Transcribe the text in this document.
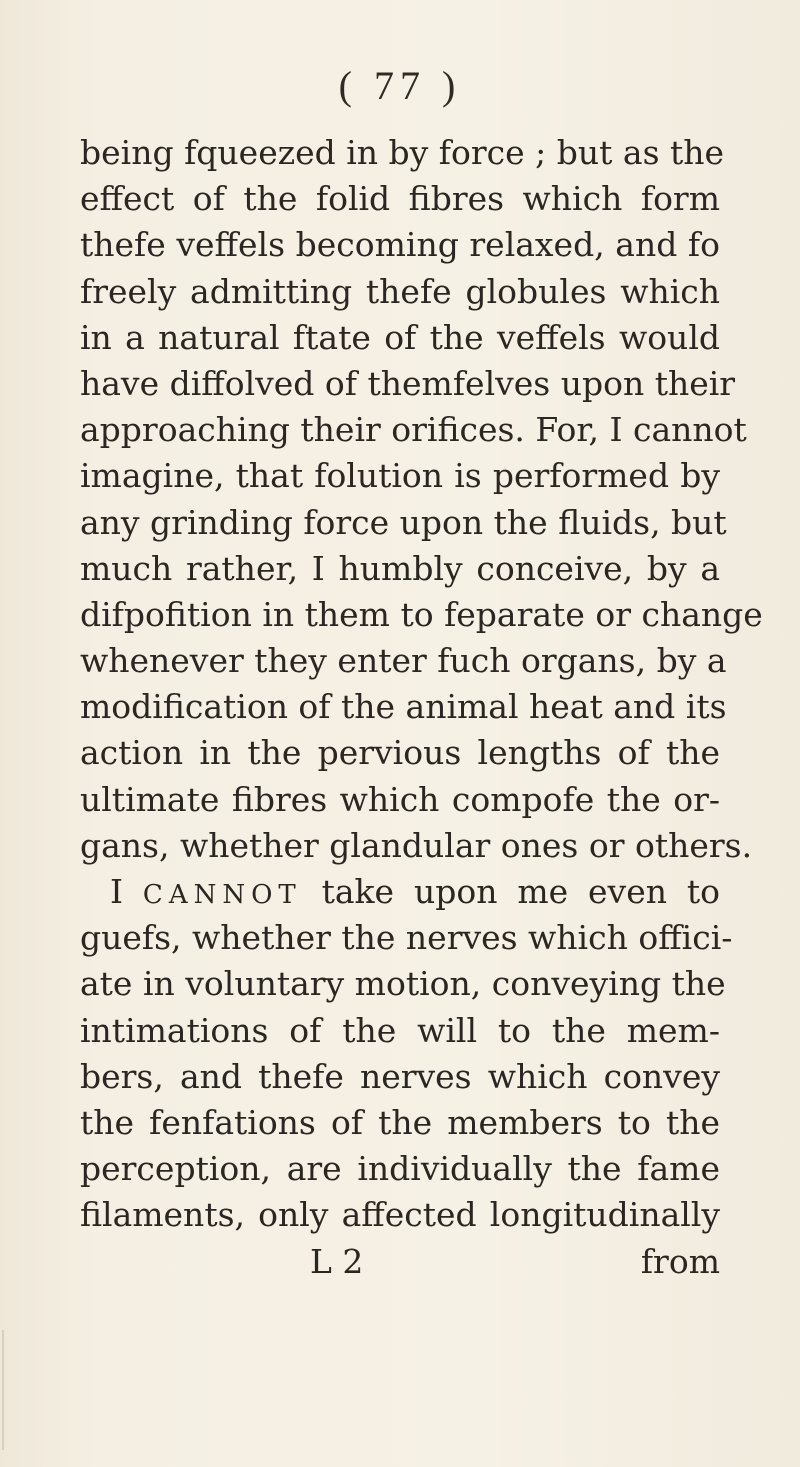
( 77 )
being fqueezed in by force ; but as the
effect of the folid fibres which form
thefe veffels becoming relaxed, and fo
freely admitting thefe globules which
in a natural ftate of the veffels would
have diffolved of themfelves upon their
approaching their orifices. For, I cannot
imagine, that folution is performed by
any grinding force upon the fluids, but
much rather, I humbly conceive, by a
difpofition in them to feparate or change
whenever they enter fuch organs, by a
modification of the animal heat and its
action in the pervious lengths of the
ultimate fibres which compofe the or-
gans, whether glandular ones or others.
I CANNOT take upon me even to
guefs, whether the nerves which offici-
ate in voluntary motion, conveying the
intimations of the will to the mem-
bers, and thefe nerves which convey
the fenfations of the members to the
perception, are individually the fame
filaments, only affected longitudinally
L 2	from
